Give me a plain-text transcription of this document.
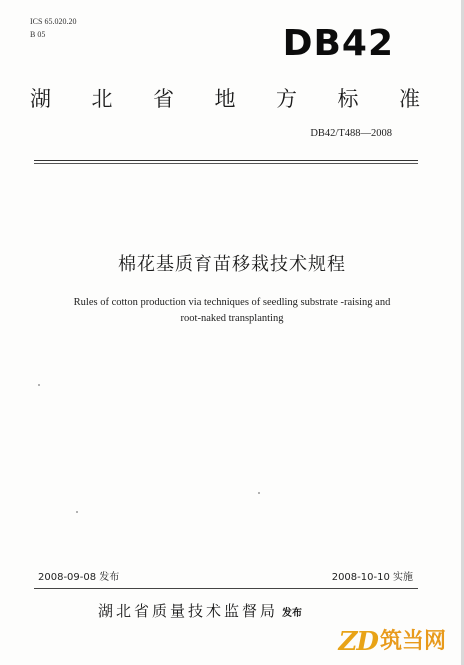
ICS 65.020.20
B 05	DB42
湖 北 省 地 方 标 准
DB42/T488—2008
棉花基质育苗移栽技术规程
Rules of cotton production via techniques of seedling substrate -raising and
root-naked transplanting
2008-09-08 发布	2008-10-10 实施
湖北省质量技术监督局 发布
ZD 筑当网
